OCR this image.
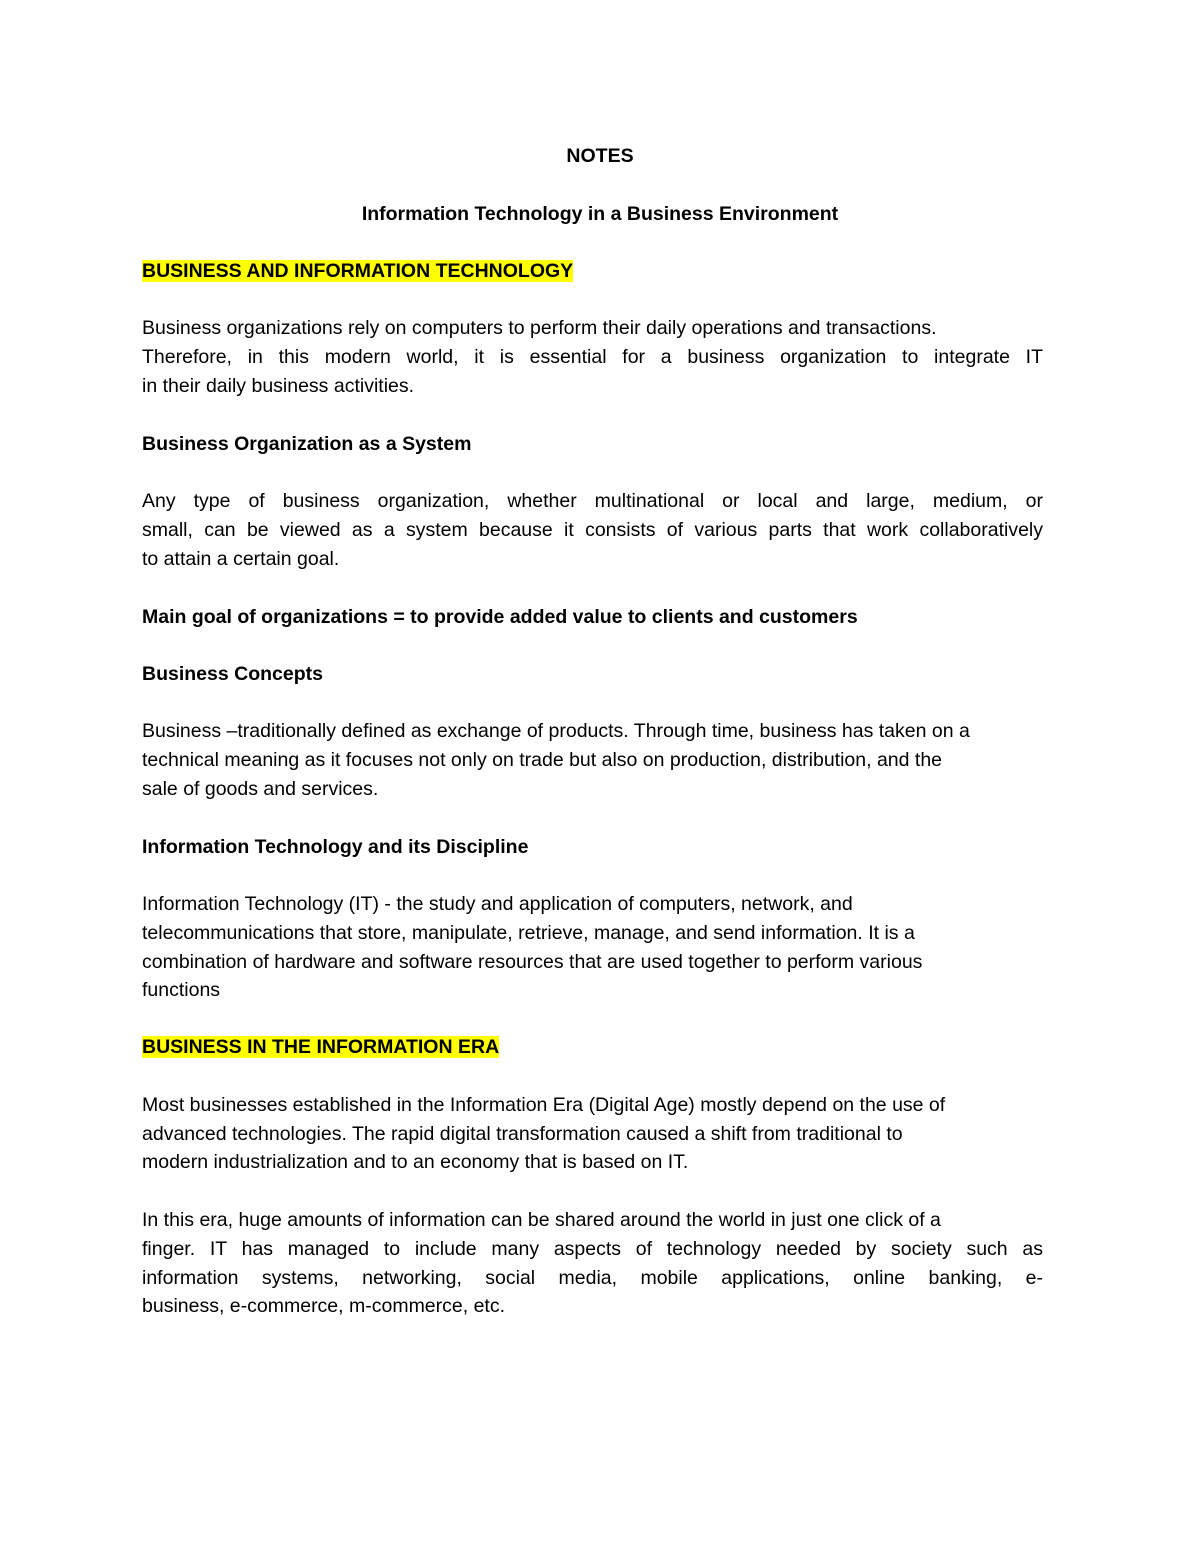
NOTES

Information Technology in a Business Environment

BUSINESS AND INFORMATION TECHNOLOGY

Business organizations rely on computers to perform their daily operations and transactions.

Therefore, in this modern world, it is essential for a business organization to integrate IT

in their daily business activities.

Business Organization as a System

Any type of business organization, whether multinational or local and large, medium, or

small, can be viewed as a system because it consists of various parts that work collaboratively

to attain a certain goal.

Main goal of organizations = to provide added value to clients and customers

Business Concepts

Business –traditionally defined as exchange of products. Through time, business has taken on a

technical meaning as it focuses not only on trade but also on production, distribution, and the

sale of goods and services.

Information Technology and its Discipline

Information Technology (IT) - the study and application of computers, network, and

telecommunications that store, manipulate, retrieve, manage, and send information. It is a

combination of hardware and software resources that are used together to perform various

functions

BUSINESS IN THE INFORMATION ERA

Most businesses established in the Information Era (Digital Age) mostly depend on the use of

advanced technologies. The rapid digital transformation caused a shift from traditional to

modern industrialization and to an economy that is based on IT.

In this era, huge amounts of information can be shared around the world in just one click of a

finger. IT has managed to include many aspects of technology needed by society such as

information systems, networking, social media, mobile applications, online banking, e-

business, e-commerce, m-commerce, etc.
